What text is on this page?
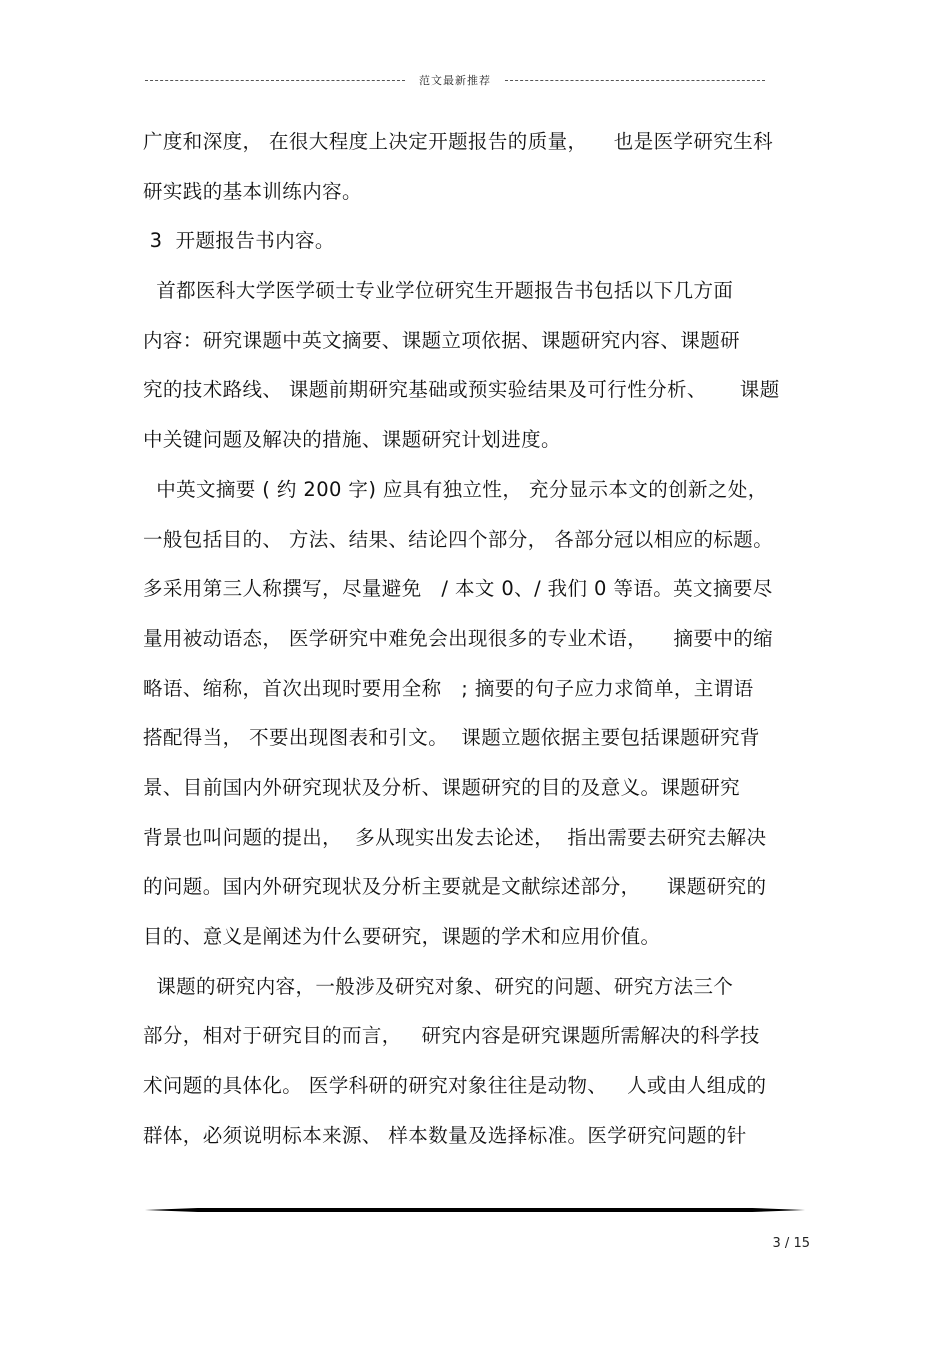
范文最新推荐
广度和深度， 在很大程度上决定开题报告的质量，    也是医学研究生科
研实践的基本训练内容。
3  开题报告书内容。
首都医科大学医学硕士专业学位研究生开题报告书包括以下几方面
内容：研究课题中英文摘要、课题立项依据、课题研究内容、课题研
究的技术路线、 课题前期研究基础或预实验结果及可行性分析、     课题
中关键问题及解决的措施、课题研究计划进度。
中英文摘要 ( 约 200 字) 应具有独立性， 充分显示本文的创新之处，
一般包括目的、 方法、结果、结论四个部分， 各部分冠以相应的标题。
多采用第三人称撰写，尽量避免   / 本文 0、/ 我们 0 等语。英文摘要尽
量用被动语态， 医学研究中难免会出现很多的专业术语，    摘要中的缩
略语、缩称，首次出现时要用全称   ; 摘要的句子应力求简单，主谓语
搭配得当， 不要出现图表和引文。  课题立题依据主要包括课题研究背
景、目前国内外研究现状及分析、课题研究的目的及意义。课题研究
背景也叫问题的提出，  多从现实出发去论述，  指出需要去研究去解决
的问题。国内外研究现状及分析主要就是文献综述部分，    课题研究的
目的、意义是阐述为什么要研究，课题的学术和应用价值。
课题的研究内容，一般涉及研究对象、研究的问题、研究方法三个
部分，相对于研究目的而言，   研究内容是研究课题所需解决的科学技
术问题的具体化。 医学科研的研究对象往往是动物、   人或由人组成的
群体，必须说明标本来源、 样本数量及选择标准。医学研究问题的针
3 / 15
